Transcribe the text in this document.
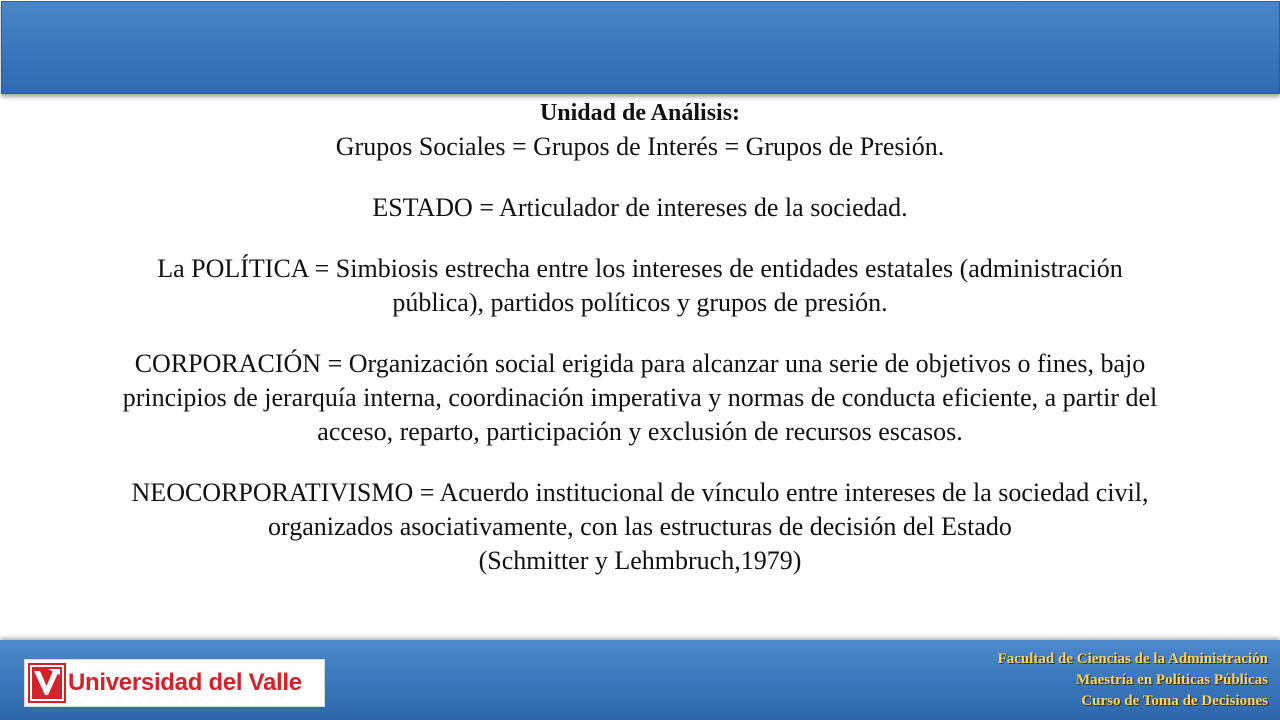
Unidad de Análisis:

Grupos Sociales = Grupos de Interés = Grupos de Presión.

ESTADO = Articulador de intereses de la sociedad.

La POLÍTICA = Simbiosis estrecha entre los intereses de entidades estatales (administración

pública), partidos políticos y grupos de presión.

CORPORACIÓN = Organización social erigida para alcanzar una serie de objetivos o fines, bajo

principios de jerarquía interna, coordinación imperativa y normas de conducta eficiente, a partir del

acceso, reparto, participación y exclusión de recursos escasos.

NEOCORPORATIVISMO = Acuerdo institucional de vínculo entre intereses de la sociedad civil,

organizados asociativamente, con las estructuras de decisión del Estado

(Schmitter y Lehmbruch,1979)

Universidad del Valle
Facultad de Ciencias de la Administración
Maestría en Políticas Públicas
Curso de Toma de Decisiones
